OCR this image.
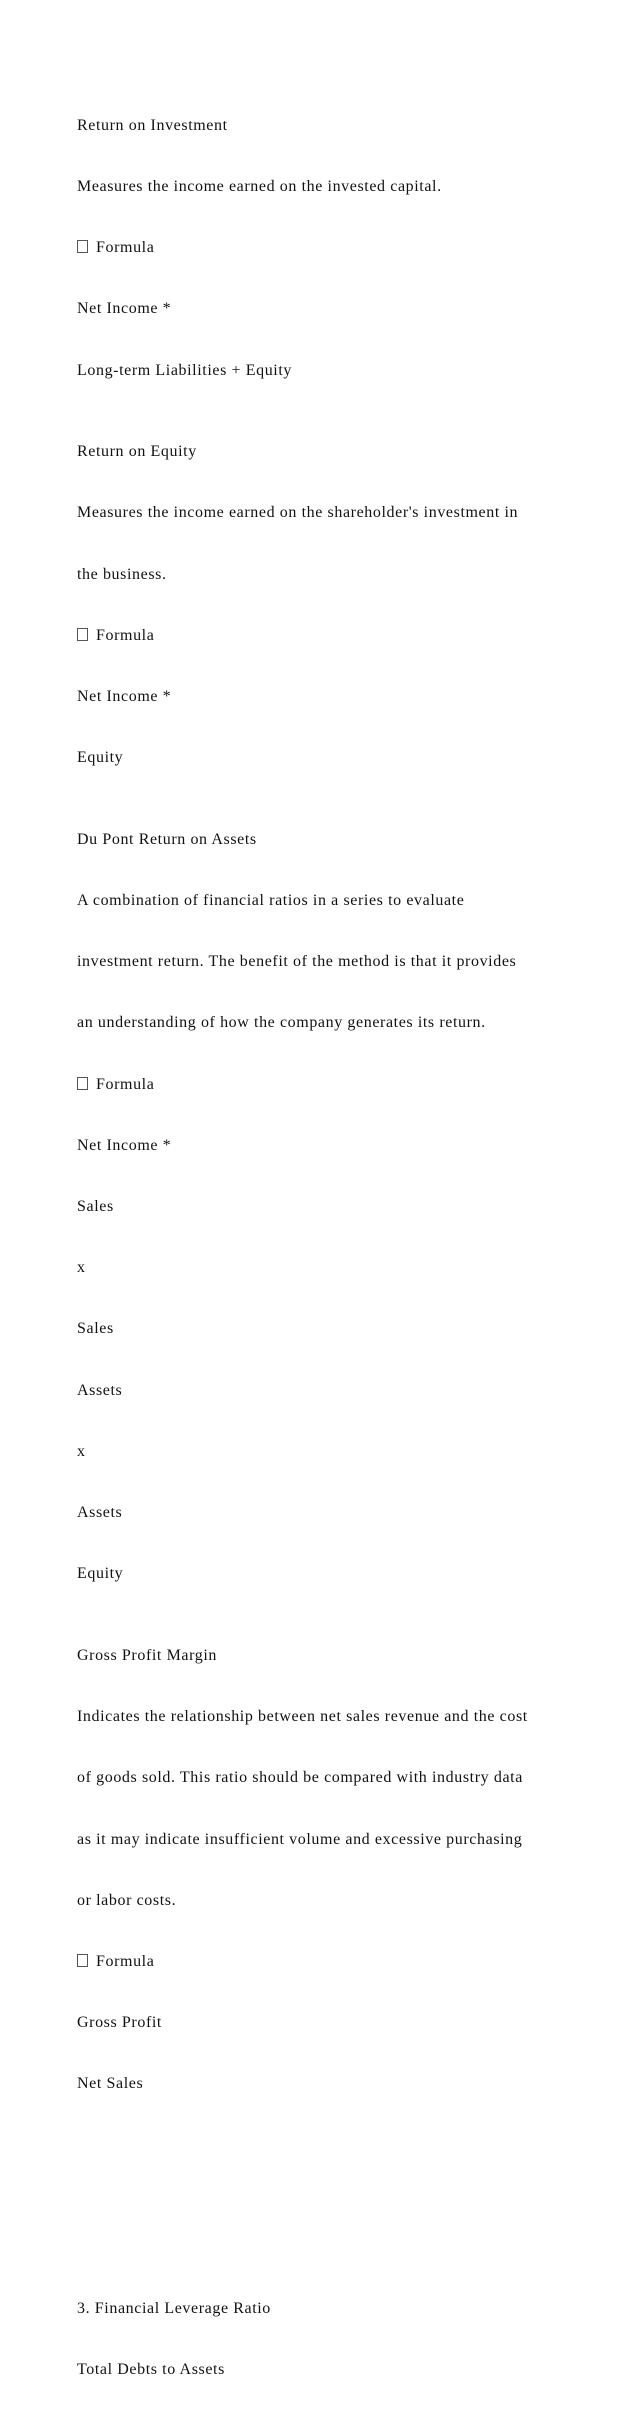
Return on Investment

Measures the income earned on the invested capital.

Formula

Net Income *

Long-term Liabilities + Equity

Return on Equity

Measures the income earned on the shareholder's investment in

the business.

Formula

Net Income *

Equity

Du Pont Return on Assets

A combination of financial ratios in a series to evaluate

investment return. The benefit of the method is that it provides

an understanding of how the company generates its return.

Formula

Net Income *

Sales

x

Sales

Assets

x

Assets

Equity

Gross Profit Margin

Indicates the relationship between net sales revenue and the cost

of goods sold. This ratio should be compared with industry data

as it may indicate insufficient volume and excessive purchasing

or labor costs.

Formula

Gross Profit

Net Sales

3. Financial Leverage Ratio

Total Debts to Assets
